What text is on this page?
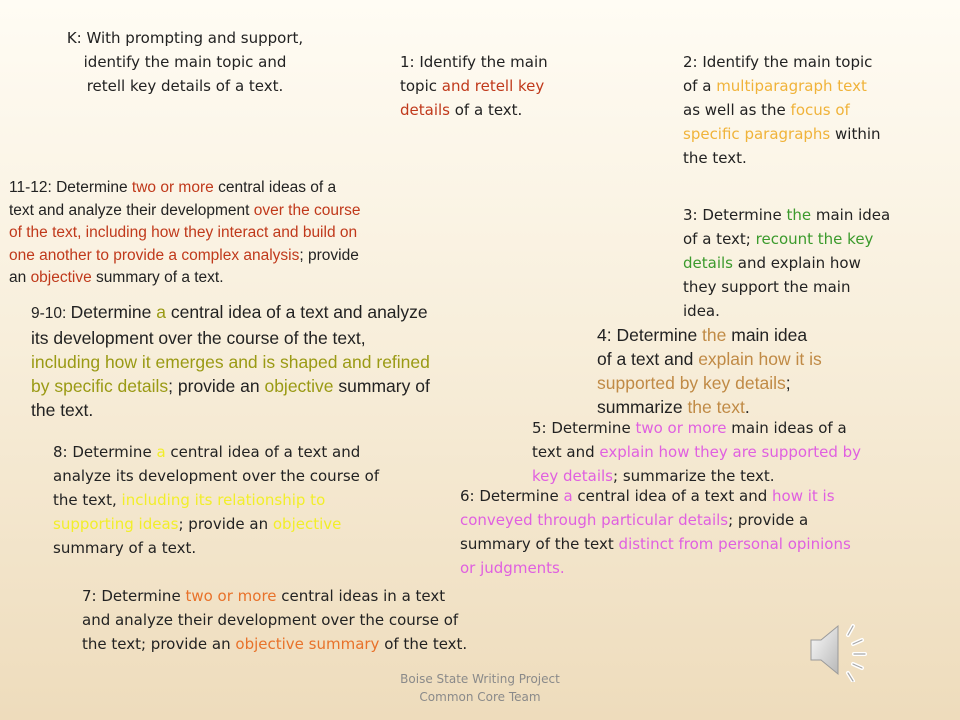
K: With prompting and support,
identify the main topic and
retell key details of a text.
1: Identify the main
topic and retell key
details of a text.
2: Identify the main topic
of a multiparagraph text
as well as the focus of
specific paragraphs within
the text.
3: Determine the main idea
of a text; recount the key
details and explain how
they support the main
idea.
11-12: Determine two or more central ideas of a
text and analyze their development over the course
of the text, including how they interact and build on
one another to provide a complex analysis; provide
an objective summary of a text.
9-10: Determine a central idea of a text and analyze
its development over the course of the text,
including how it emerges and is shaped and refined
by specific details; provide an objective summary of
the text.
4: Determine the main idea
of a text and explain how it is
supported by key details;
summarize the text.
5: Determine two or more main ideas of a
text and explain how they are supported by
key details; summarize the text.
8: Determine a central idea of a text and
analyze its development over the course of
the text, including its relationship to
supporting ideas; provide an objective
summary of a text.
6: Determine a central idea of a text and how it is
conveyed through particular details; provide a
summary of the text distinct from personal opinions
or judgments.
7: Determine two or more central ideas in a text
and analyze their development over the course of
the text; provide an objective summary of the text.
Boise State Writing Project
Common Core Team
